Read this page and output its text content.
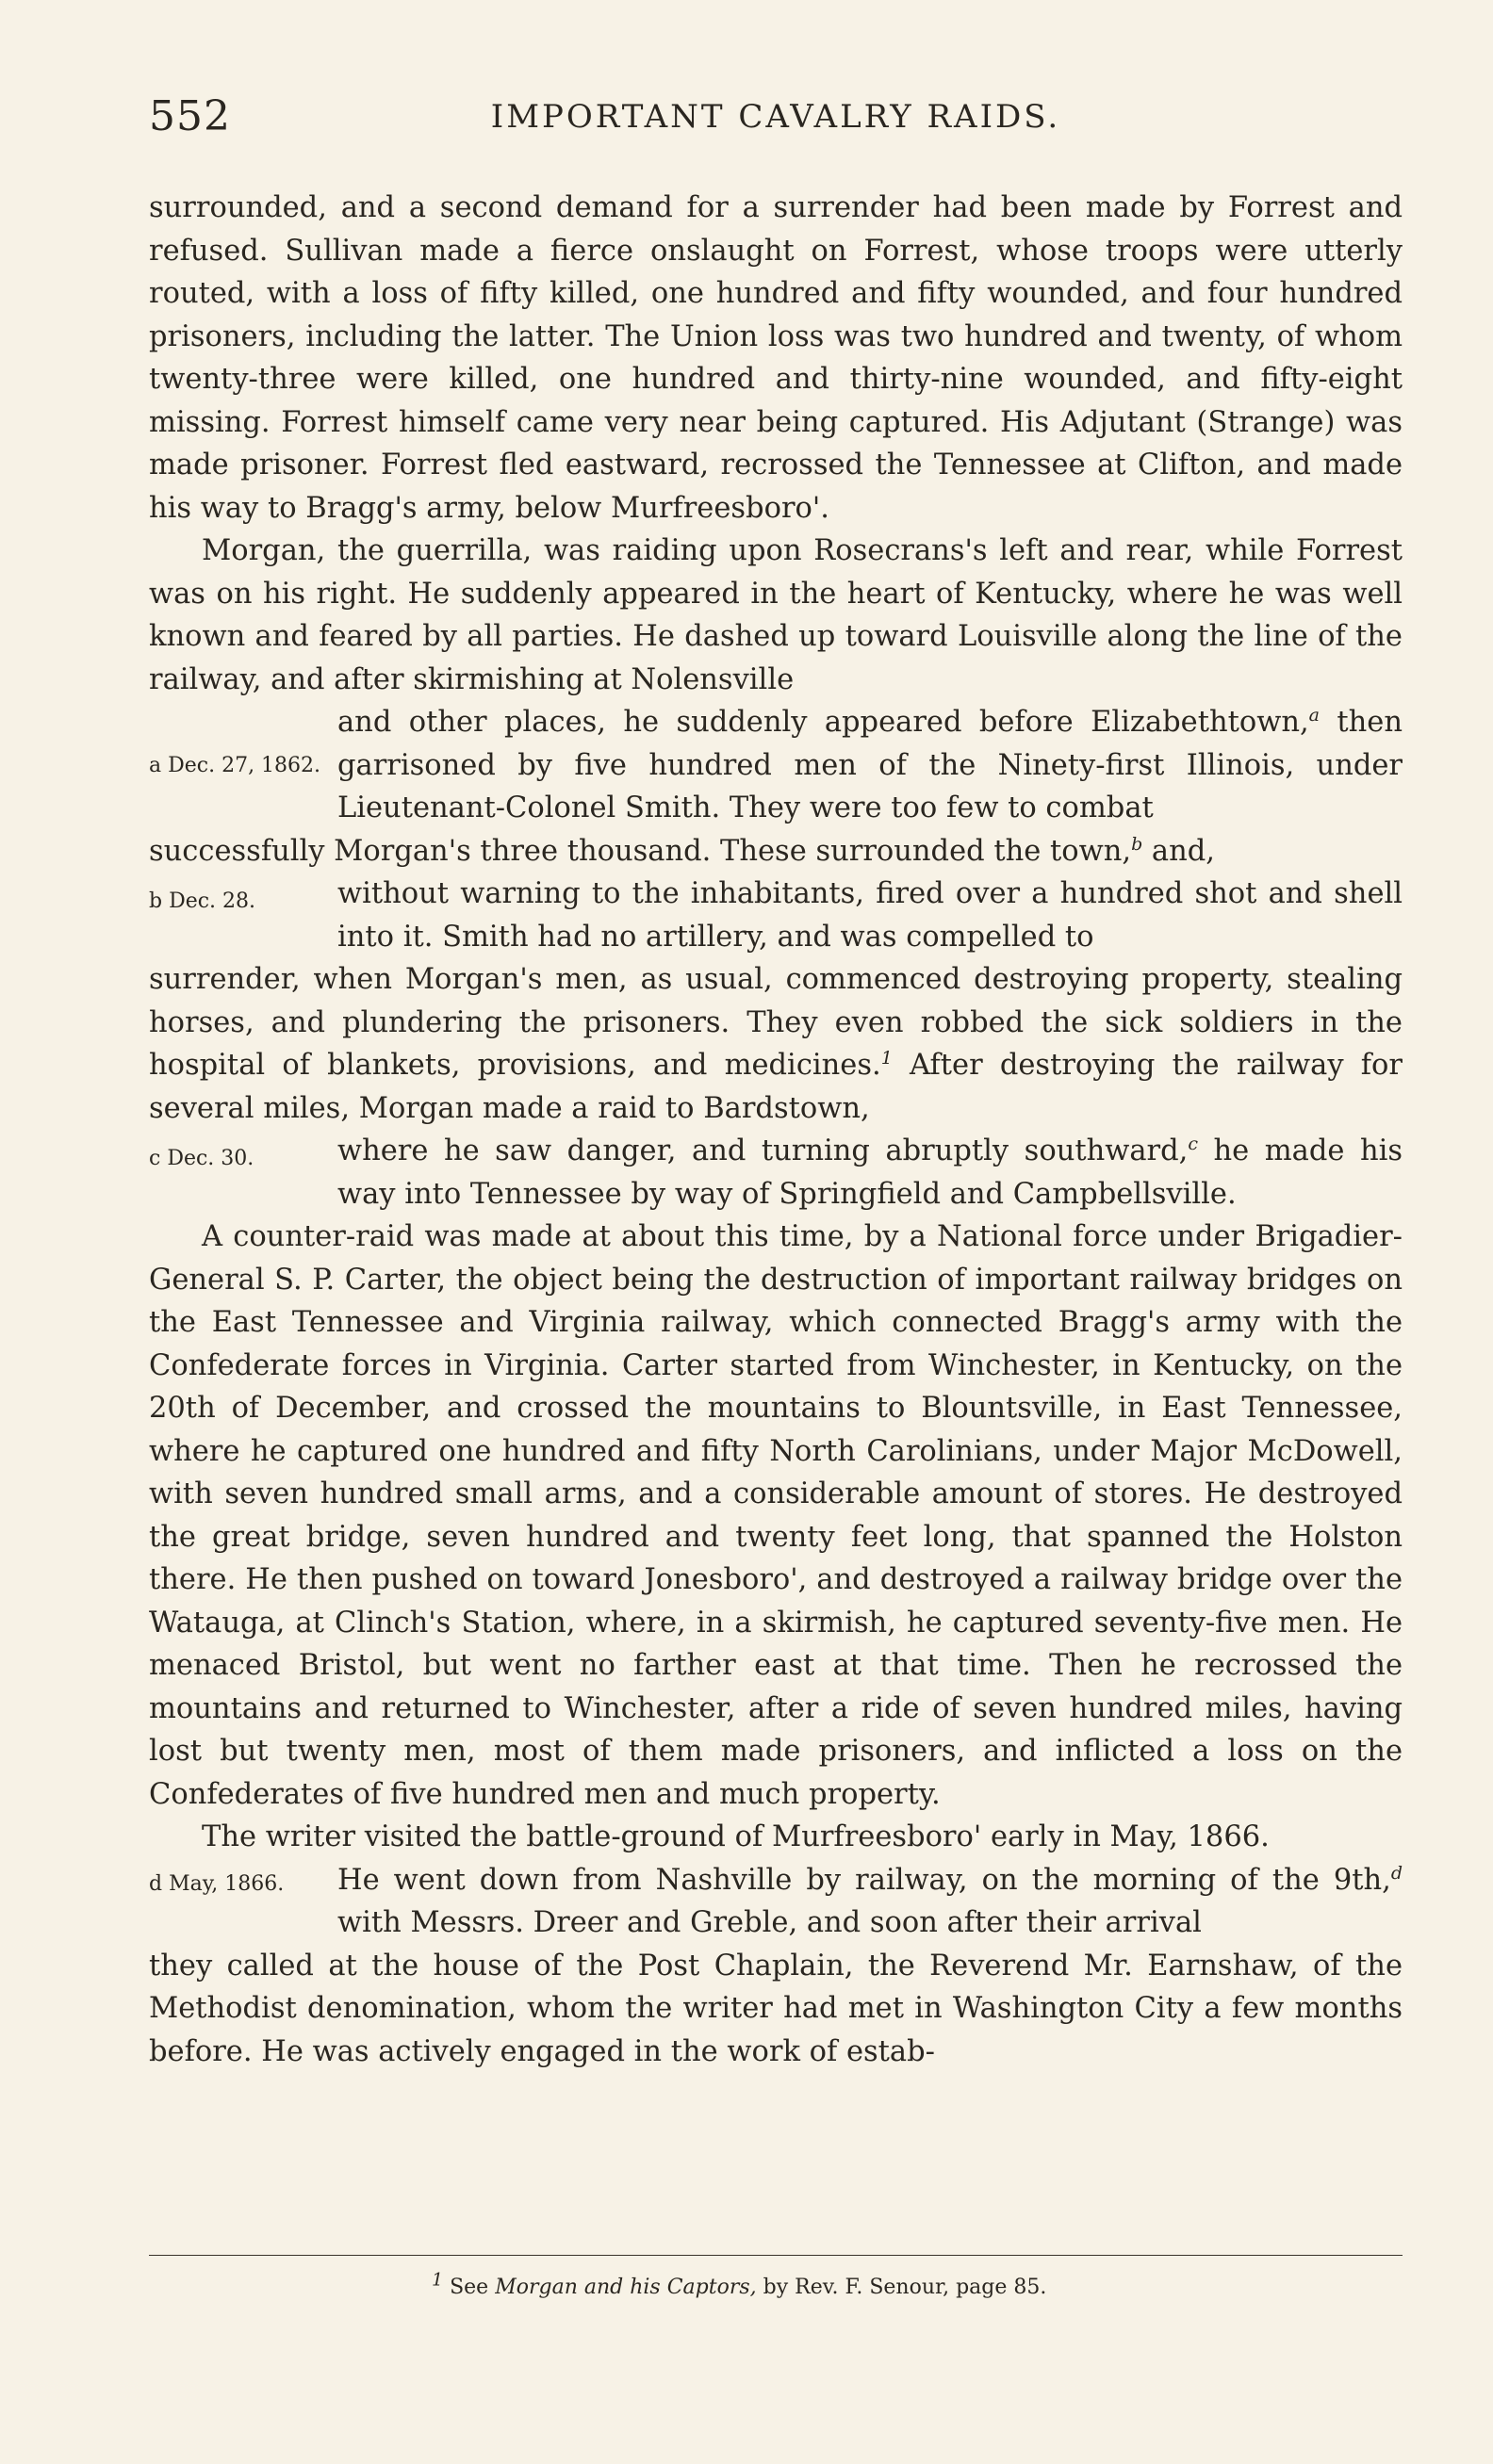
552	IMPORTANT CAVALRY RAIDS.

surrounded, and a second demand for a surrender had been made by Forrest and refused. Sullivan made a fierce onslaught on Forrest, whose troops were utterly routed, with a loss of fifty killed, one hundred and fifty wounded, and four hundred prisoners, including the latter. The Union loss was two hundred and twenty, of whom twenty-three were killed, one hundred and thirty-nine wounded, and fifty-eight missing. Forrest himself came very near being captured. His Adjutant (Strange) was made prisoner. Forrest fled eastward, recrossed the Tennessee at Clifton, and made his way to Bragg's army, below Murfreesboro'.

Morgan, the guerrilla, was raiding upon Rosecrans's left and rear, while Forrest was on his right. He suddenly appeared in the heart of Kentucky, where he was well known and feared by all parties. He dashed up toward Louisville along the line of the railway, and after skirmishing at Nolensville

a Dec. 27, 1862.
and other places, he suddenly appeared before Elizabethtown,$^a$ then garrisoned by five hundred men of the Ninety-first Illinois, under Lieutenant-Colonel Smith. They were too few to combat

successfully Morgan's three thousand. These surrounded the town,$^b$ and,

b Dec. 28.	without warning to the inhabitants, fired over a hundred shot and shell into it. Smith had no artillery, and was compelled to

surrender, when Morgan's men, as usual, commenced destroying property, stealing horses, and plundering the prisoners. They even robbed the sick soldiers in the hospital of blankets, provisions, and medicines.$^1$ After destroying the railway for several miles, Morgan made a raid to Bardstown,

c Dec. 30.	where he saw danger, and turning abruptly southward,$^c$ he made his way into Tennessee by way of Springfield and Campbellsville.

A counter-raid was made at about this time, by a National force under Brigadier-General S. P. Carter, the object being the destruction of important railway bridges on the East Tennessee and Virginia railway, which connected Bragg's army with the Confederate forces in Virginia. Carter started from Winchester, in Kentucky, on the 20th of December, and crossed the mountains to Blountsville, in East Tennessee, where he captured one hundred and fifty North Carolinians, under Major McDowell, with seven hundred small arms, and a considerable amount of stores. He destroyed the great bridge, seven hundred and twenty feet long, that spanned the Holston there. He then pushed on toward Jonesboro', and destroyed a railway bridge over the Watauga, at Clinch's Station, where, in a skirmish, he captured seventy-five men. He menaced Bristol, but went no farther east at that time. Then he recrossed the mountains and returned to Winchester, after a ride of seven hundred miles, having lost but twenty men, most of them made prisoners, and inflicted a loss on the Confederates of five hundred men and much property.

The writer visited the battle-ground of Murfreesboro' early in May, 1866.

d May, 1866.	He went down from Nashville by railway, on the morning of the 9th,$^d$ with Messrs. Dreer and Greble, and soon after their arrival

they called at the house of the Post Chaplain, the Reverend Mr. Earnshaw, of the Methodist denomination, whom the writer had met in Washington City a few months before. He was actively engaged in the work of estab-

$^1$ See Morgan and his Captors, by Rev. F. Senour, page 85.
